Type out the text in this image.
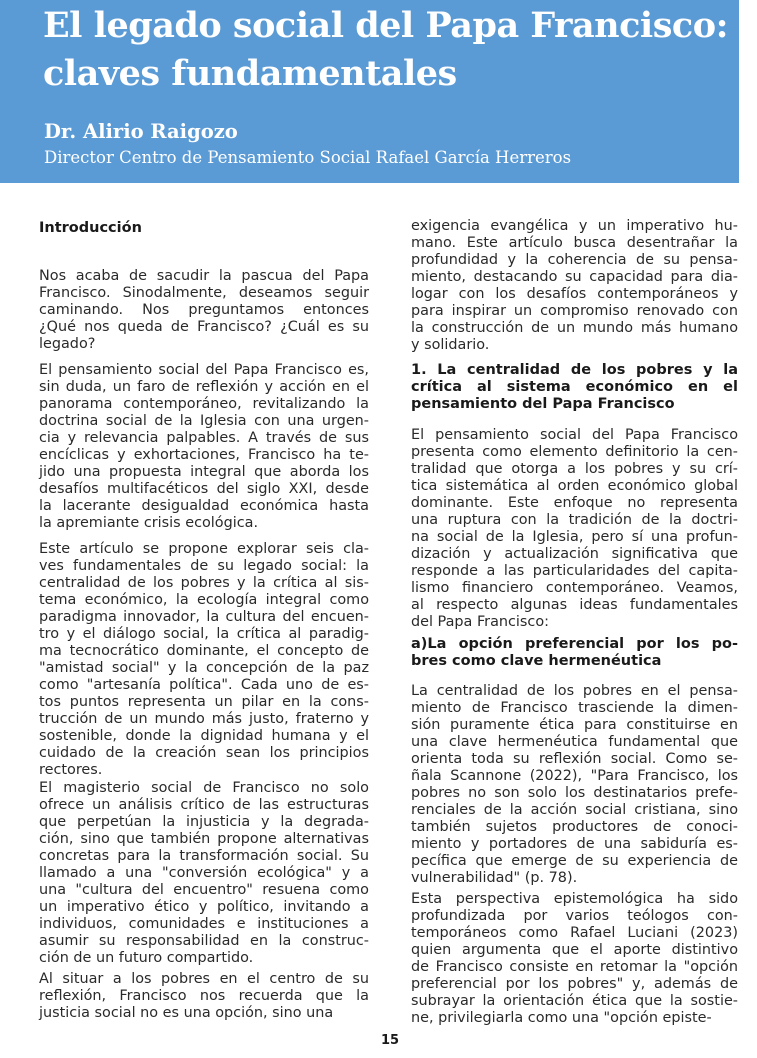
El legado social del Papa Francisco:
claves fundamentales
Dr. Alirio Raigozo
Director Centro de Pensamiento Social Rafael García Herreros
Introducción
Nos acaba de sacudir la pascua del Papa
Francisco. Sinodalmente, deseamos seguir
caminando. Nos preguntamos entonces
¿Qué nos queda de Francisco? ¿Cuál es su
legado?
El pensamiento social del Papa Francisco es,
sin duda, un faro de reflexión y acción en el
panorama contemporáneo, revitalizando la
doctrina social de la Iglesia con una urgen-
cia y relevancia palpables. A través de sus
encíclicas y exhortaciones, Francisco ha te-
jido una propuesta integral que aborda los
desafíos multifacéticos del siglo XXI, desde
la lacerante desigualdad económica hasta
la apremiante crisis ecológica.
Este artículo se propone explorar seis cla-
ves fundamentales de su legado social: la
centralidad de los pobres y la crítica al sis-
tema económico, la ecología integral como
paradigma innovador, la cultura del encuen-
tro y el diálogo social, la crítica al paradig-
ma tecnocrático dominante, el concepto de
"amistad social" y la concepción de la paz
como "artesanía política". Cada uno de es-
tos puntos representa un pilar en la cons-
trucción de un mundo más justo, fraterno y
sostenible, donde la dignidad humana y el
cuidado de la creación sean los principios
rectores.
El magisterio social de Francisco no solo
ofrece un análisis crítico de las estructuras
que perpetúan la injusticia y la degrada-
ción, sino que también propone alternativas
concretas para la transformación social. Su
llamado a una "conversión ecológica" y a
una "cultura del encuentro" resuena como
un imperativo ético y político, invitando a
individuos, comunidades e instituciones a
asumir su responsabilidad en la construc-
ción de un futuro compartido.
Al situar a los pobres en el centro de su
reflexión, Francisco nos recuerda que la
justicia social no es una opción, sino una
exigencia evangélica y un imperativo hu-
mano. Este artículo busca desentrañar la
profundidad y la coherencia de su pensa-
miento, destacando su capacidad para dia-
logar con los desafíos contemporáneos y
para inspirar un compromiso renovado con
la construcción de un mundo más humano
y solidario.
1. La centralidad de los pobres y la
crítica al sistema económico en el
pensamiento del Papa Francisco
El pensamiento social del Papa Francisco
presenta como elemento definitorio la cen-
tralidad que otorga a los pobres y su crí-
tica sistemática al orden económico global
dominante. Este enfoque no representa
una ruptura con la tradición de la doctri-
na social de la Iglesia, pero sí una profun-
dización y actualización significativa que
responde a las particularidades del capita-
lismo financiero contemporáneo. Veamos,
al respecto algunas ideas fundamentales
del Papa Francisco:
a)La opción preferencial por los po-
bres como clave hermenéutica
La centralidad de los pobres en el pensa-
miento de Francisco trasciende la dimen-
sión puramente ética para constituirse en
una clave hermenéutica fundamental que
orienta toda su reflexión social. Como se-
ñala Scannone (2022), "Para Francisco, los
pobres no son solo los destinatarios prefe-
renciales de la acción social cristiana, sino
también sujetos productores de conoci-
miento y portadores de una sabiduría es-
pecífica que emerge de su experiencia de
vulnerabilidad" (p. 78).
Esta perspectiva epistemológica ha sido
profundizada por varios teólogos con-
temporáneos como Rafael Luciani (2023)
quien argumenta que el aporte distintivo
de Francisco consiste en retomar la "opción
preferencial por los pobres" y, además de
subrayar la orientación ética que la sostie-
ne, privilegiarla como una "opción episte-
15
